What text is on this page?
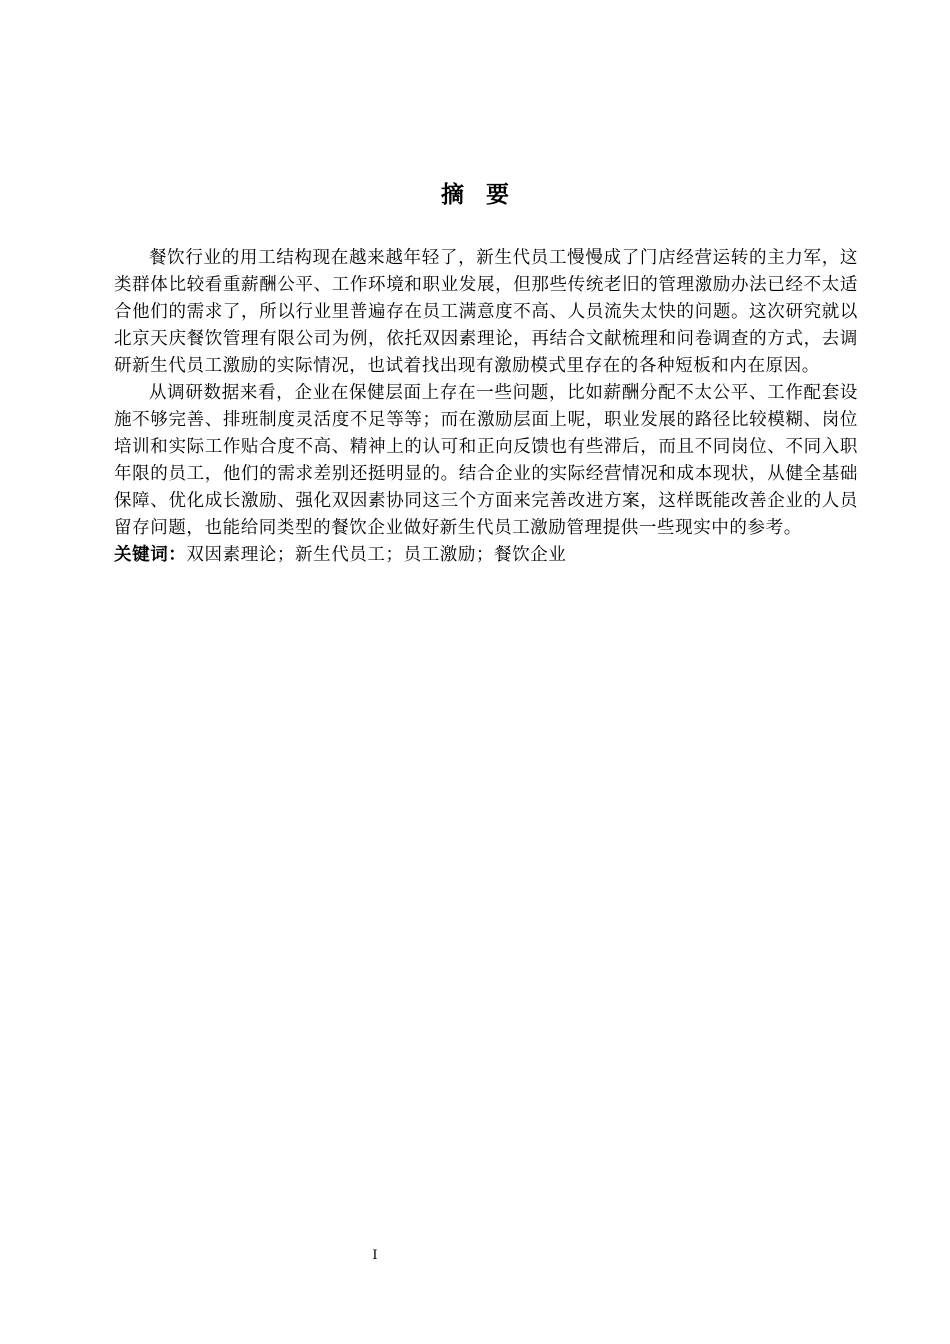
摘要

餐饮行业的用工结构现在越来越年轻了，新生代员工慢慢成了门店经营运转的主力军，这类群体比较看重薪酬公平、工作环境和职业发展，但那些传统老旧的管理激励办法已经不太适合他们的需求了，所以行业里普遍存在员工满意度不高、人员流失太快的问题。这次研究就以北京天庆餐饮管理有限公司为例，依托双因素理论，再结合文献梳理和问卷调查的方式，去调研新生代员工激励的实际情况，也试着找出现有激励模式里存在的各种短板和内在原因。

从调研数据来看，企业在保健层面上存在一些问题，比如薪酬分配不太公平、工作配套设施不够完善、排班制度灵活度不足等等；而在激励层面上呢，职业发展的路径比较模糊、岗位培训和实际工作贴合度不高、精神上的认可和正向反馈也有些滞后，而且不同岗位、不同入职年限的员工，他们的需求差别还挺明显的。结合企业的实际经营情况和成本现状，从健全基础保障、优化成长激励、强化双因素协同这三个方面来完善改进方案，这样既能改善企业的人员留存问题，也能给同类型的餐饮企业做好新生代员工激励管理提供一些现实中的参考。

关键词：双因素理论；新生代员工；员工激励；餐饮企业

I
